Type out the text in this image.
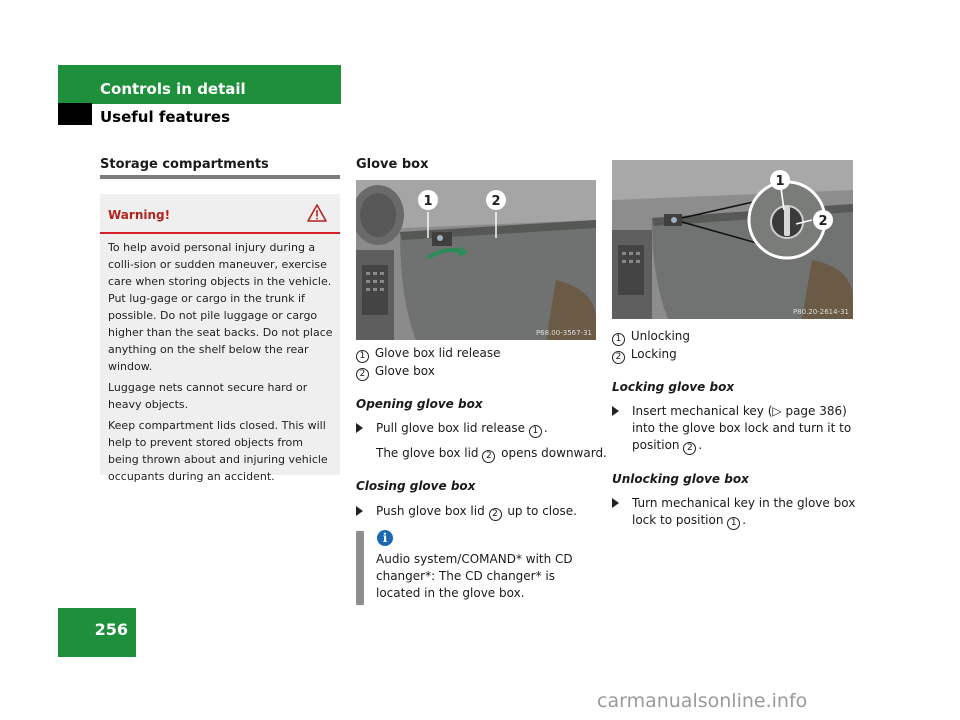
Controls in detail
Useful features
Storage compartments
Warning!

To help avoid personal injury during a colli-sion or sudden maneuver, exercise care when storing objects in the vehicle. Put lug-gage or cargo in the trunk if possible. Do not pile luggage or cargo higher than the seat backs. Do not place anything on the shelf below the rear window.

Luggage nets cannot secure hard or heavy objects.

Keep compartment lids closed. This will help to prevent stored objects from being thrown about and injuring vehicle occupants during an accident.

Glove box
1	2
P68.00-3567-31
1 Glove box lid release
2 Glove box
Opening glove box
Pull glove box lid release 1 .
The glove box lid 2 opens downward.
Closing glove box
Push glove box lid 2 up to close.
i
Audio system/COMAND* with CD changer*: The CD changer* is located in the glove box.
1
2
P80.20-2614-31
1 Unlocking
2 Locking
Locking glove box
Insert mechanical key (▷ page 386)
into the glove box lock and turn it to
position 2 .
Unlocking glove box
Turn mechanical key in the glove box
lock to position 1 .
256
carmanualsonline.info
